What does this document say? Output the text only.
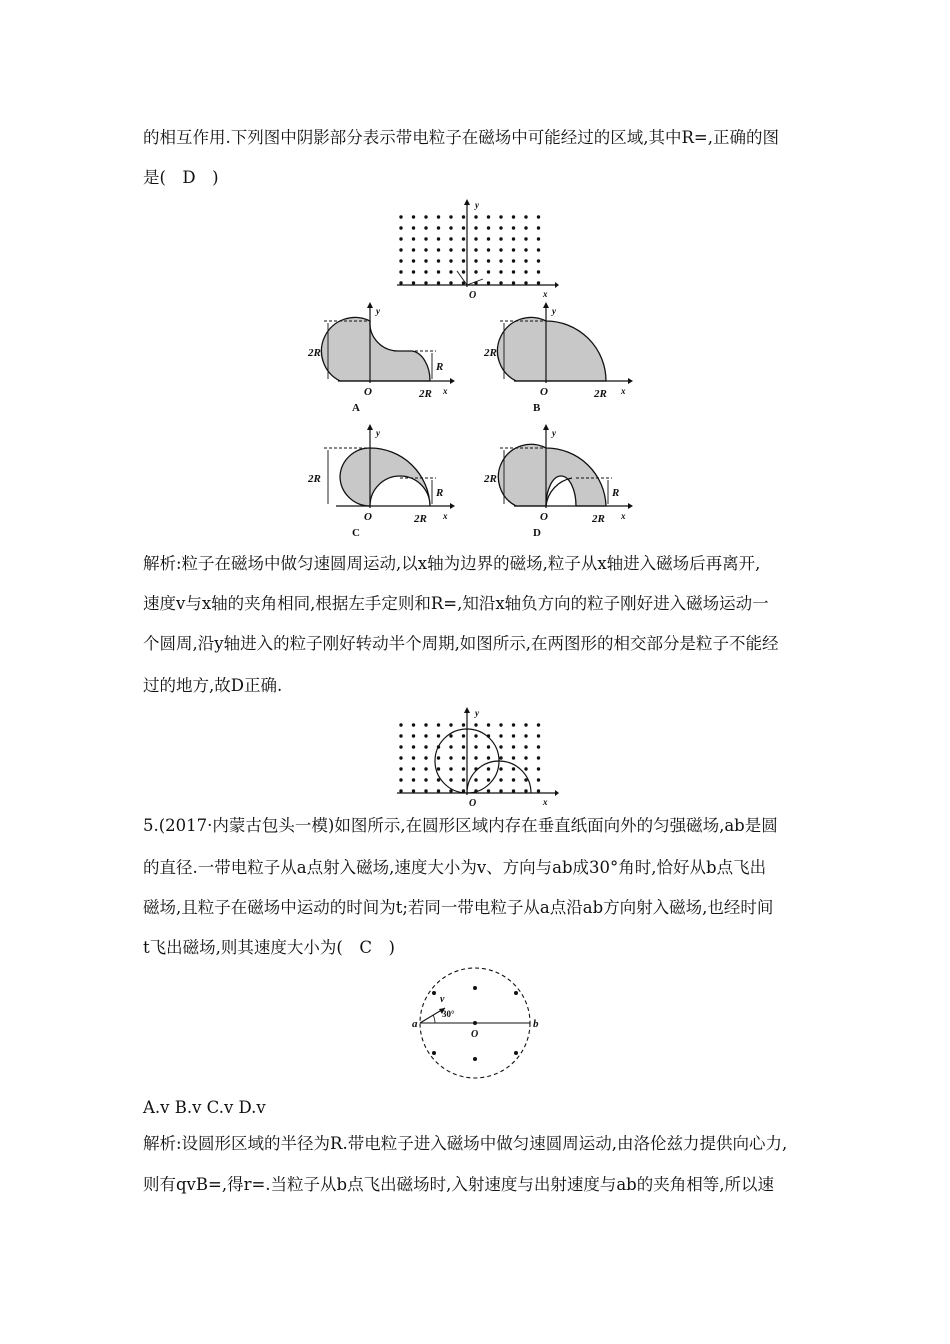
的相互作用.下列图中阴影部分表示带电粒子在磁场中可能经过的区域,其中R=,正确的图
是(　D　)
y
x
O
2R
R
O	2R
y
x
A
2R
O	2R
y
x
B
2R
R
O	2R
y
x
C
2R
R
O	2R
y
x
D
解析:粒子在磁场中做匀速圆周运动,以x轴为边界的磁场,粒子从x轴进入磁场后再离开,
速度v与x轴的夹角相同,根据左手定则和R=,知沿x轴负方向的粒子刚好进入磁场运动一
个圆周,沿y轴进入的粒子刚好转动半个周期,如图所示,在两图形的相交部分是粒子不能经
过的地方,故D正确.
y
x
O
5.(2017·内蒙古包头一模)如图所示,在圆形区域内存在垂直纸面向外的匀强磁场,ab是圆
的直径.一带电粒子从a点射入磁场,速度大小为v、方向与ab成30°角时,恰好从b点飞出
磁场,且粒子在磁场中运动的时间为t;若同一带电粒子从a点沿ab方向射入磁场,也经时间
t飞出磁场,则其速度大小为(　C　)
a	b
O
v
30°
A.v B.v C.v D.v
解析:设圆形区域的半径为R.带电粒子进入磁场中做匀速圆周运动,由洛伦兹力提供向心力,
则有qvB=,得r=.当粒子从b点飞出磁场时,入射速度与出射速度与ab的夹角相等,所以速
